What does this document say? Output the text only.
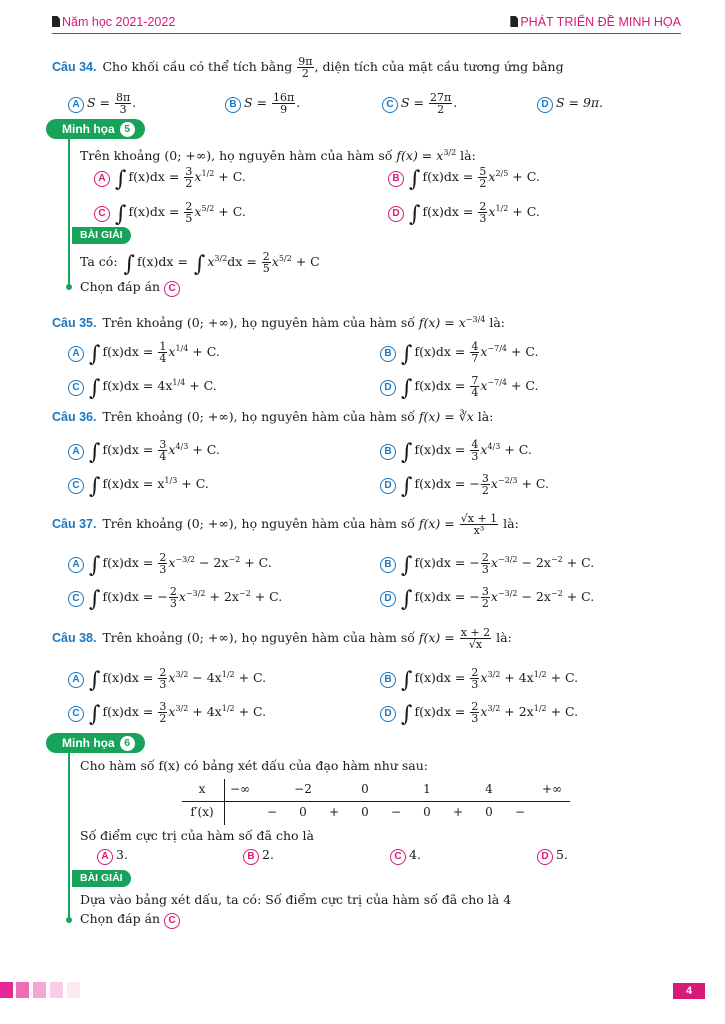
Năm học 2021-2022	PHÁT TRIỂN ĐỀ MINH HỌA
Câu 34. Cho khối cầu có thể tích bằng $\frac{9\pi}{2}$ , diện tích của mặt cầu tương ứng bằng
A $S = \frac{8\pi}{3}$ .	B $S = \frac{16\pi}{9}$ .	C $S = \frac{27\pi}{2}$ .	D S = 9π.
Minh họa 5
Trên khoảng (0; +∞), họ nguyên hàm của hàm số $f(x) = x^{3/2}$ là:
A ∫ $f(x)dx = \frac{3}{2} x^{1/2} + C$.	B ∫ $f(x)dx = \frac{5}{2} x^{2/5} + C$.
C ∫ $f(x)dx = \frac{2}{5} x^{5/2} + C$.	D ∫ $f(x)dx = \frac{2}{3} x^{1/2} + C$.
BÀI GIẢI
Ta có: ∫ f(x)dx = ∫ $x^{3/2}dx = \frac{2}{5} x^{5/2} + C$
Chọn đáp án C
Câu 35. Trên khoảng (0; +∞), họ nguyên hàm của hàm số $f(x) = x^{-3/4}$ là:
A ∫ $f(x)dx = \frac{1}{4} x^{1/4} + C$.	B ∫ $f(x)dx = \frac{4}{7} x^{-7/4} + C$.
C ∫ $f(x)dx = 4x^{1/4} + C$.	D ∫ $f(x)dx = \frac{7}{4} x^{-7/4} + C$.
Câu 36. Trên khoảng (0; +∞), họ nguyên hàm của hàm số f(x) = ∛x là:
A ∫ $f(x)dx = \frac{3}{4} x^{4/3} + C$.	B ∫ $f(x)dx = \frac{4}{3} x^{4/3} + C$.
C ∫ $f(x)dx = x^{1/3} + C$.	D ∫ f(x)dx = − $\frac{3}{2} x^{-2/3} + C$.
Câu 37. Trên khoảng (0; +∞), họ nguyên hàm của hàm số $f(x) = \frac{√x + 1}{\text{x³}}$ là:
A ∫ $f(x)dx = \frac{2}{3} x^{-3/2} - 2x^{-2} + C$.	B ∫ f(x)dx = − $\frac{2}{3} x^{-3/2} - 2x^{-2} + C$.
C ∫ f(x)dx = − $\frac{2}{3} x^{-3/2} + 2x^{-2} + C$.	D ∫ f(x)dx = − $\frac{3}{2} x^{-3/2} - 2x^{-2} + C$.
Câu 38. Trên khoảng (0; +∞), họ nguyên hàm của hàm số $f(x) = \frac{x + 2}{√x}$ là:
A ∫ $f(x)dx = \frac{2}{3} x^{3/2} - 4x^{1/2} + C$.	B ∫ $f(x)dx = \frac{2}{3} x^{3/2} + 4x^{1/2} + C$.
C ∫ $f(x)dx = \frac{3}{2} x^{3/2} + 4x^{1/2} + C$.	D ∫ $f(x)dx = \frac{2}{3} x^{3/2} + 2x^{1/2} + C$.
Minh họa 6
Cho hàm số f(x) có bảng xét dấu của đạo hàm như sau:
x −∞	−2	0	1	4	+∞
f′(x)	− 0 + 0 − 0 + 0 −
Số điểm cực trị của hàm số đã cho là
A 3.	B 2.	C 4.	D 5.
BÀI GIẢI
Dựa vào bảng xét dấu, ta có: Số điểm cực trị của hàm số đã cho là 4
Chọn đáp án C
4
